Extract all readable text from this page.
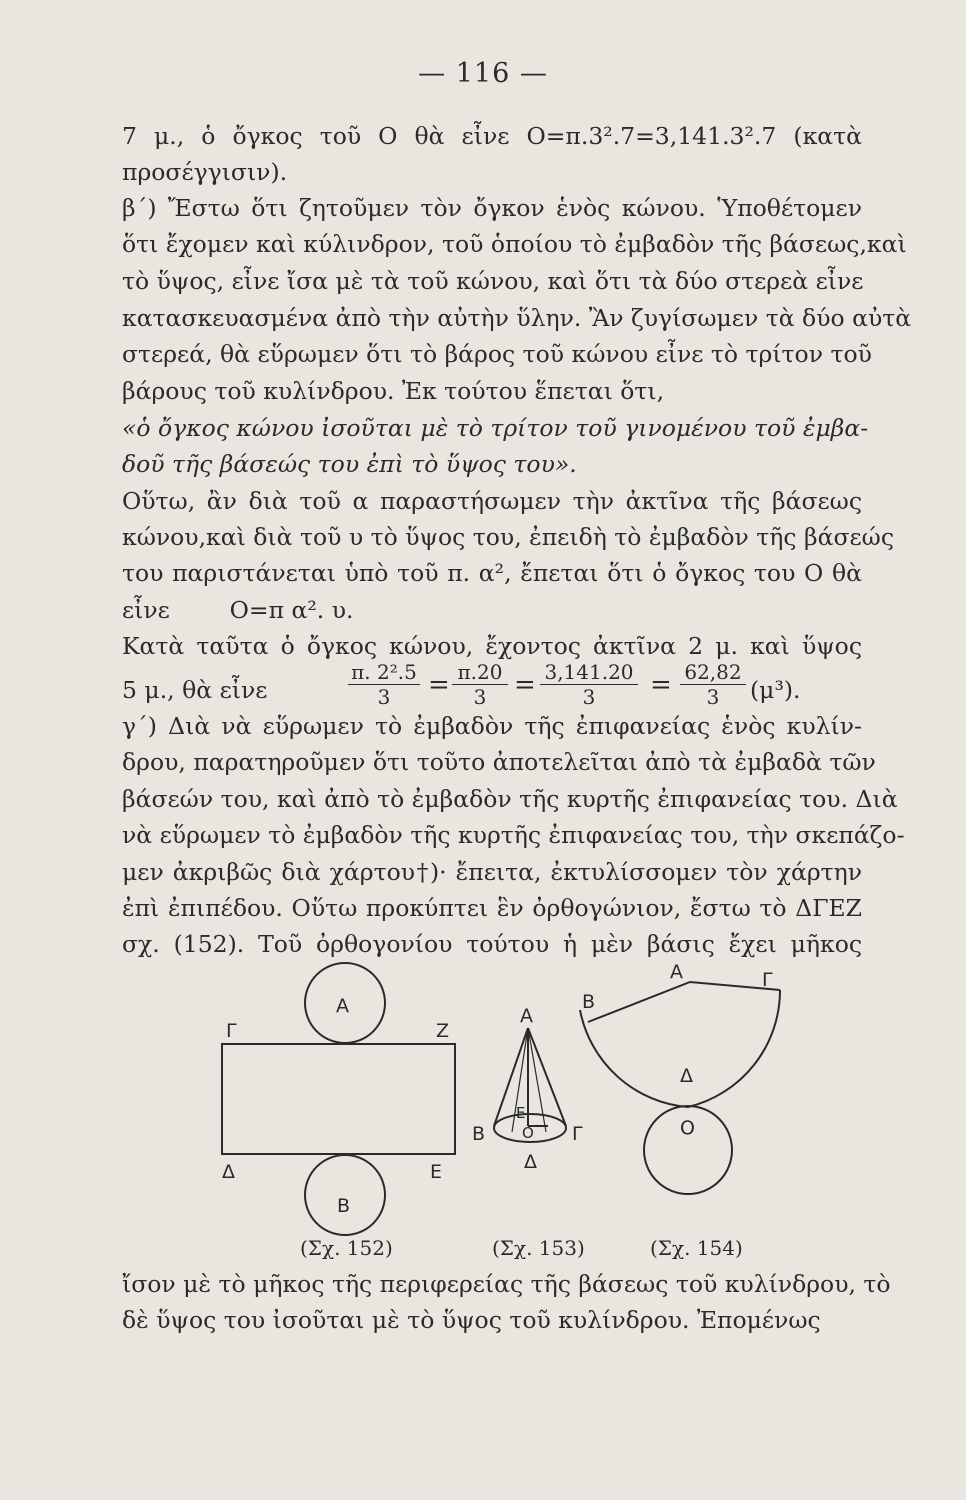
— 116 —
7 μ., ὁ ὄγκος τοῦ Ο θὰ εἶνε Ο=π.3².7=3,141.3².7 (κατὰ
προσέγγισιν).
β΄) Ἔστω ὅτι ζητοῦμεν τὸν ὄγκον ἑνὸς κώνου. Ὑποθέτομεν
ὅτι ἔχομεν καὶ κύλινδρον, τοῦ ὁποίου τὸ ἐμβαδὸν τῆς βάσεως,καὶ
τὸ ὕψος, εἶνε ἴσα μὲ τὰ τοῦ κώνου, καὶ ὅτι τὰ δύο στερεὰ εἶνε
κατασκευασμένα ἀπὸ τὴν αὐτὴν ὕλην. Ἂν ζυγίσωμεν τὰ δύο αὐτὰ
στερεά, θὰ εὕρωμεν ὅτι τὸ βάρος τοῦ κώνου εἶνε τὸ τρίτον τοῦ
βάρους τοῦ κυλίνδρου. Ἐκ τούτου ἕπεται ὅτι,
«ὁ ὄγκος κώνου ἰσοῦται μὲ τὸ τρίτον τοῦ γινομένου τοῦ ἐμβα-
δοῦ τῆς βάσεώς του ἐπὶ τὸ ὕψος του».
Οὕτω, ἂν διὰ τοῦ α παραστήσωμεν τὴν ἀκτῖνα τῆς βάσεως
κώνου,καὶ διὰ τοῦ υ τὸ ὕψος του, ἐπειδὴ τὸ ἐμβαδὸν τῆς βάσεώς
του παριστάνεται ὑπὸ τοῦ π. α², ἔπεται ὅτι ὁ ὄγκος του Ο θὰ
εἶνε        Ο=π α². υ.
Κατὰ ταῦτα ὁ ὄγκος κώνου, ἔχοντος ἀκτῖνα 2 μ. καὶ ὕψος
5 μ., θὰ εἶνε	$\frac{\text{π. 2².5}}{3} = \frac{\pi.20}{3} = \frac{3,141.20}{3} = \frac{62,82}{3} (\mu^3)$.
γ΄) Διὰ νὰ εὕρωμεν τὸ ἐμβαδὸν τῆς ἐπιφανείας ἑνὸς κυλίν-
δρου, παρατηροῦμεν ὅτι τοῦτο ἀποτελεῖται ἀπὸ τὰ ἐμβαδὰ τῶν
βάσεών του, καὶ ἀπὸ τὸ ἐμβαδὸν τῆς κυρτῆς ἐπιφανείας του. Διὰ
νὰ εὕρωμεν τὸ ἐμβαδὸν τῆς κυρτῆς ἐπιφανείας του, τὴν σκεπάζο-
μεν ἀκριβῶς διὰ χάρτου†)· ἔπειτα, ἐκτυλίσσομεν τὸν χάρτην
ἐπὶ ἐπιπέδου. Οὕτω προκύπτει ἓν ὀρθογώνιον, ἔστω τὸ ΔΓΕΖ
σχ. (152). Τοῦ ὀρθογονίου τούτου ἡ μὲν βάσις ἔχει μῆκος
Α
Β
Γ	Ζ
Δ	Ε
Α
Β	Γ
Ο
Ε
Δ
Α
Β
Γ
Δ
Ο
(Σχ. 152)	(Σχ. 153)	(Σχ. 154)
ἴσον μὲ τὸ μῆκος τῆς περιφερείας τῆς βάσεως τοῦ κυλίνδρου, τὸ
δὲ ὕψος του ἰσοῦται μὲ τὸ ὕψος τοῦ κυλίνδρου. Ἐπομένως
